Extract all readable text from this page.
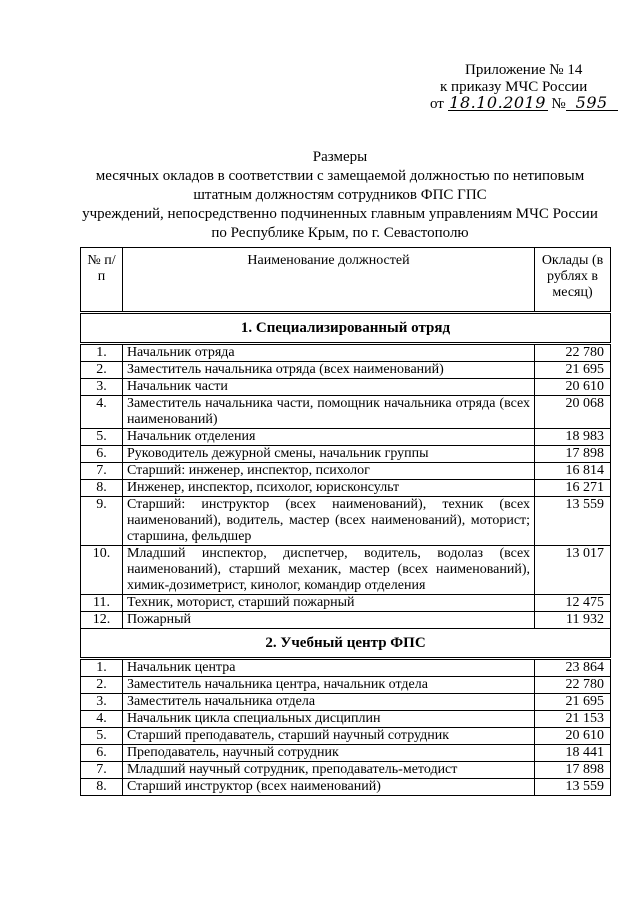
Приложение № 14
к приказу МЧС России
от 18.10.2019 № 595
Размеры
месячных окладов в соответствии с замещаемой должностью по нетиповым
штатным должностям сотрудников ФПС ГПС
учреждений, непосредственно подчиненных главным управлениям МЧС России
по Республике Крым, по г. Севастополю
№ п/п	Наименование должностей	Оклады (в рублях в месяц)
1. Специализированный отряд		
1.	Начальник отряда	22 780
2.	Заместитель начальника отряда (всех наименований)	21 695
3.	Начальник части	20 610
4.	Заместитель начальника части, помощник начальника отряда (всех наименований)	20 068
5.	Начальник отделения	18 983
6.	Руководитель дежурной смены, начальник группы	17 898
7.	Старший: инженер, инспектор, психолог	16 814
8.	Инженер, инспектор, психолог, юрисконсульт	16 271
9.	Старший: инструктор (всех наименований), техник (всех наименований), водитель, мастер (всех наименований), моторист; старшина, фельдшер	13 559
10.	Младший инспектор, диспетчер, водитель, водолаз (всех наименований), старший механик, мастер (всех наименований), химик-дозиметрист, кинолог, командир отделения	13 017
11.	Техник, моторист, старший пожарный	12 475
12.	Пожарный	11 932
2. Учебный центр ФПС		
1.	Начальник центра	23 864
2.	Заместитель начальника центра, начальник отдела	22 780
3.	Заместитель начальника отдела	21 695
4.	Начальник цикла специальных дисциплин	21 153
5.	Старший преподаватель, старший научный сотрудник	20 610
6.	Преподаватель, научный сотрудник	18 441
7.	Младший научный сотрудник, преподаватель-методист	17 898
8.	Старший инструктор (всех наименований)	13 559
